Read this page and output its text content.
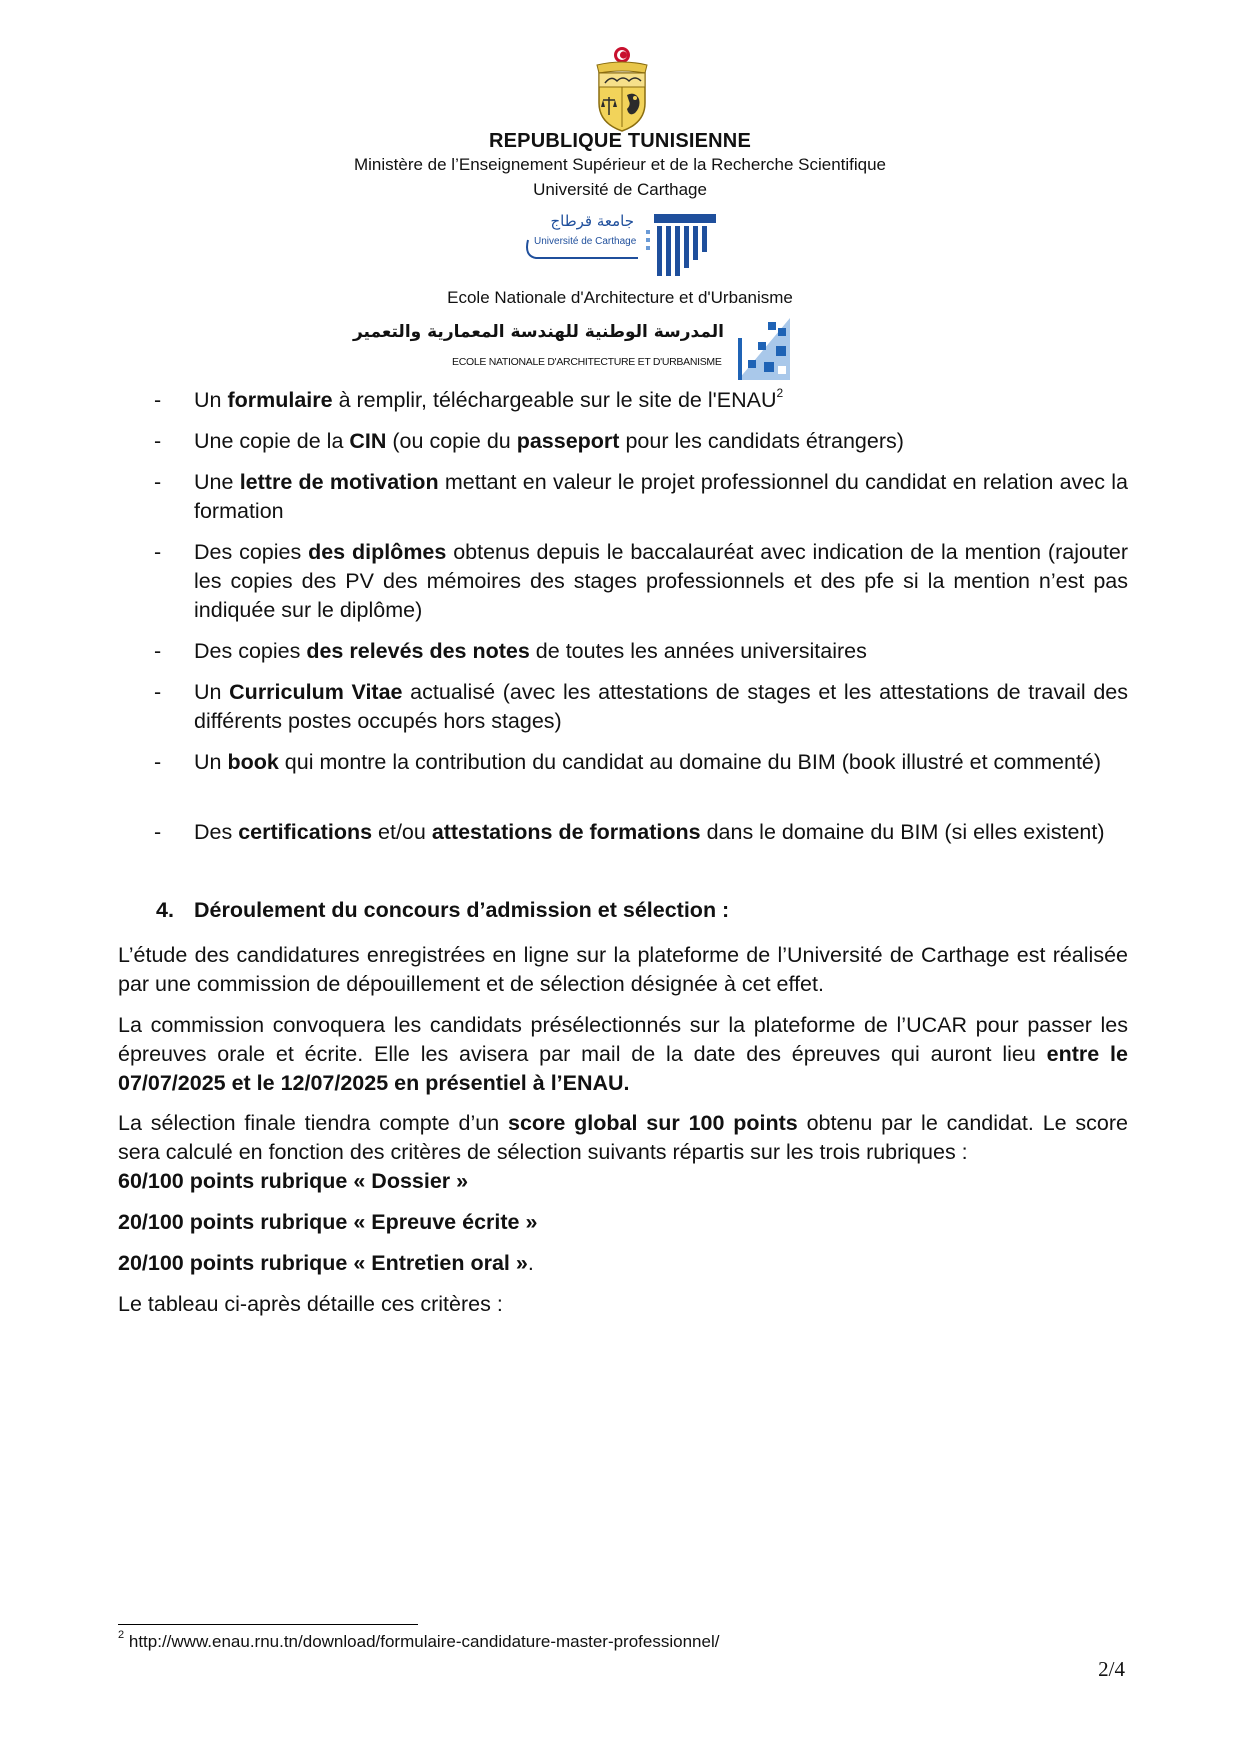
REPUBLIQUE TUNISIENNE
Ministère de l’Enseignement Supérieur et de la Recherche Scientifique
Université de Carthage
جامعة قرطاج
Université de Carthage
Ecole Nationale d'Architecture et d'Urbanisme
المدرسة الوطنية للهندسة المعمارية والتعمير
ECOLE NATIONALE D'ARCHITECTURE ET D'URBANISME
- Un formulaire à remplir, téléchargeable sur le site de l'ENAU$^2$
- Une copie de la CIN (ou copie du passeport pour les candidats étrangers)
- Une lettre de motivation mettant en valeur le projet professionnel du candidat en relation avec la formation
- Des copies des diplômes obtenus depuis le baccalauréat avec indication de la mention (rajouter les copies des PV des mémoires des stages professionnels et des pfe si la mention n’est pas indiquée sur le diplôme)
- Des copies des relevés des notes de toutes les années universitaires
- Un Curriculum Vitae actualisé (avec les attestations de stages et les attestations de travail des différents postes occupés hors stages)
- Un book qui montre la contribution du candidat au domaine du BIM (book illustré et commenté)
- Des certifications et/ou attestations de formations dans le domaine du BIM (si elles existent)
4. Déroulement du concours d’admission et sélection :
L’étude des candidatures enregistrées en ligne sur la plateforme de l’Université de Carthage est réalisée par une commission de dépouillement et de sélection désignée à cet effet.
La commission convoquera les candidats présélectionnés sur la plateforme de l’UCAR pour passer les épreuves orale et écrite. Elle les avisera par mail de la date des épreuves qui auront lieu entre le 07/07/2025 et le 12/07/2025 en présentiel à l’ENAU.
La sélection finale tiendra compte d’un score global sur 100 points obtenu par le candidat. Le score sera calculé en fonction des critères de sélection suivants répartis sur les trois rubriques :
60/100 points rubrique « Dossier »
20/100 points rubrique « Epreuve écrite »
20/100 points rubrique « Entretien oral ».
Le tableau ci-après détaille ces critères :
$^2$ http://www.enau.rnu.tn/download/formulaire-candidature-master-professionnel/
2/4
